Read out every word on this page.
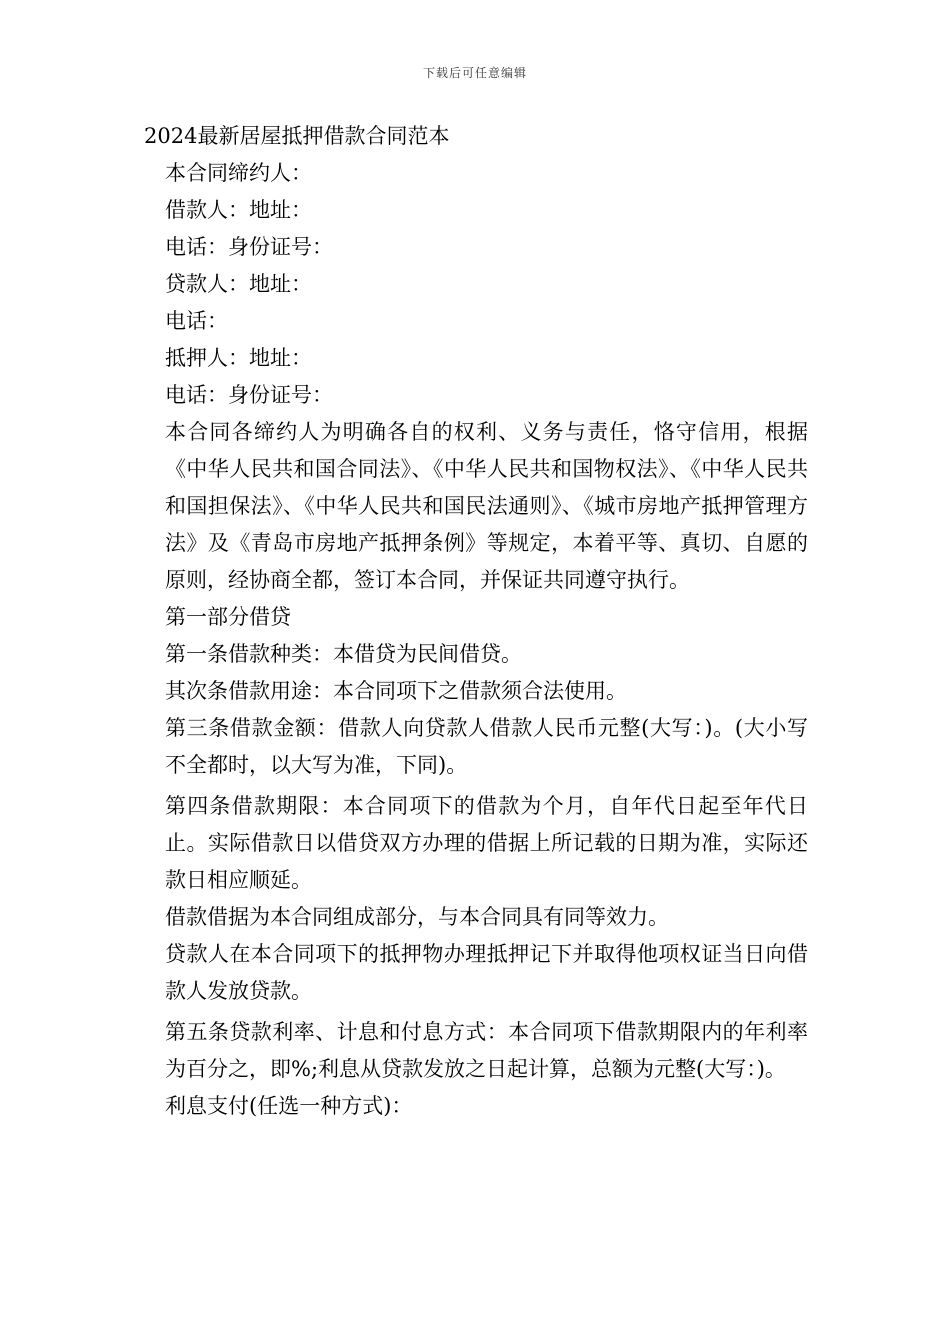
下载后可任意编辑

2024最新居屋抵押借款合同范本

本合同缔约人：

借款人：地址：

电话：身份证号：

贷款人：地址：

电话：

抵押人：地址：

电话：身份证号：

本合同各缔约人为明确各自的权利、义务与责任，恪守信用，根据《中华人民共和国合同法》、《中华人民共和国物权法》、《中华人民共和国担保法》、《中华人民共和国民法通则》、《城市房地产抵押管理方法》及《青岛市房地产抵押条例》等规定，本着平等、真切、自愿的原则，经协商全都，签订本合同，并保证共同遵守执行。

第一部分借贷

第一条借款种类：本借贷为民间借贷。

其次条借款用途：本合同项下之借款须合法使用。

第三条借款金额：借款人向贷款人借款人民币元整(大写：)。(大小写不全都时，以大写为准，下同)。

第四条借款期限：本合同项下的借款为个月，自年代日起至年代日止。实际借款日以借贷双方办理的借据上所记载的日期为准，实际还款日相应顺延。

借款借据为本合同组成部分，与本合同具有同等效力。

贷款人在本合同项下的抵押物办理抵押记下并取得他项权证当日向借款人发放贷款。

第五条贷款利率、计息和付息方式：本合同项下借款期限内的年利率为百分之，即%;利息从贷款发放之日起计算，总额为元整(大写：)。

利息支付(任选一种方式)：
